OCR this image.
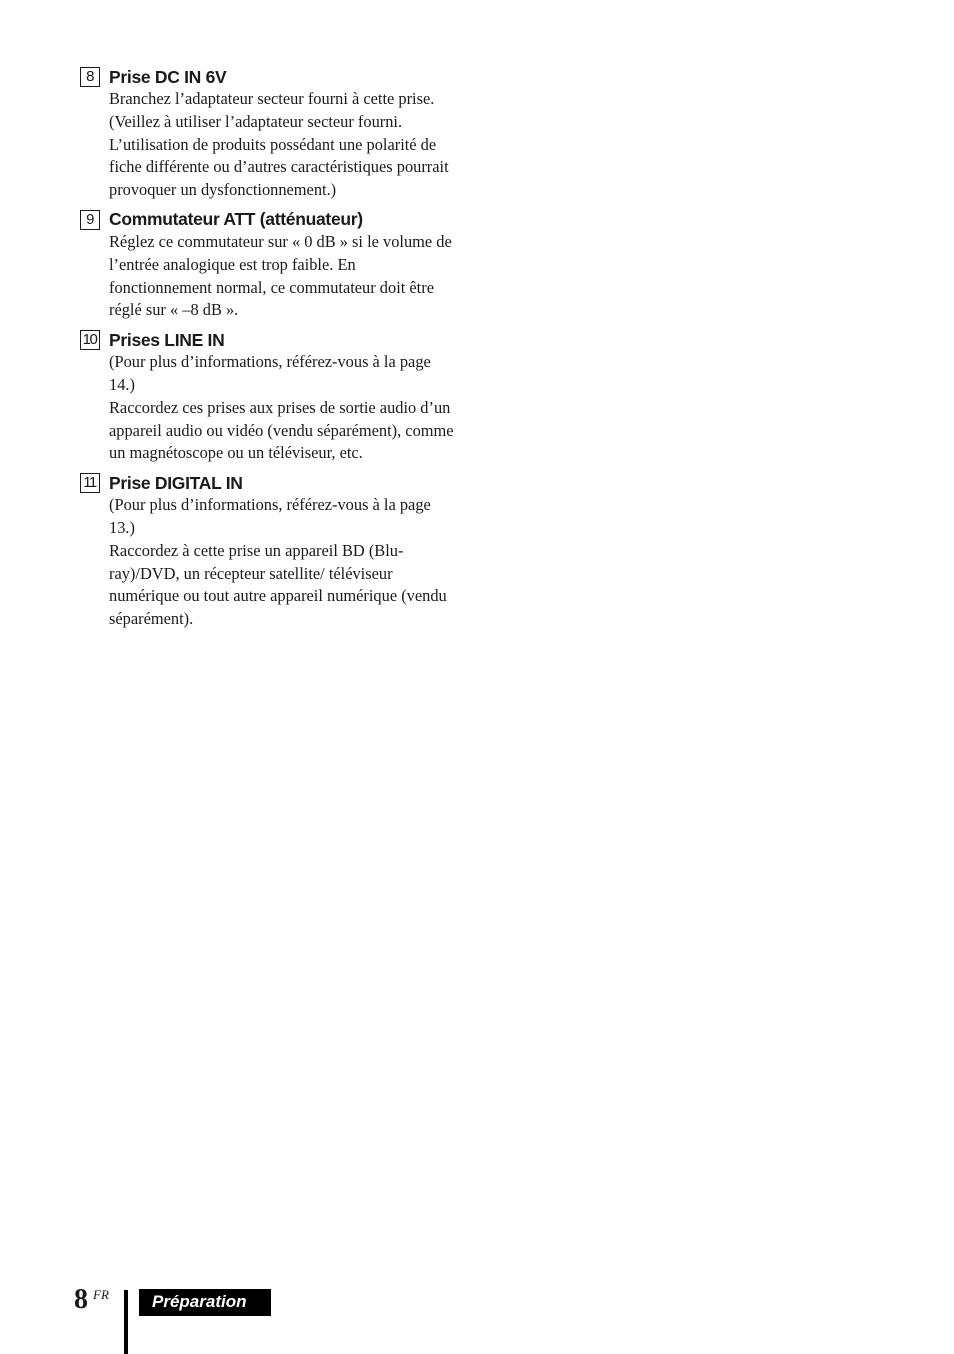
8 Prise DC IN 6V

Branchez l’adaptateur secteur fourni à cette prise. (Veillez à utiliser l’adaptateur secteur fourni. L’utilisation de produits possédant une polarité de fiche différente ou d’autres caractéristiques pourrait provoquer un dysfonctionnement.)

9 Commutateur ATT (atténuateur)

Réglez ce commutateur sur « 0 dB » si le volume de l’entrée analogique est trop faible. En fonctionnement normal, ce commutateur doit être réglé sur « –8 dB ».

10 Prises LINE IN

(Pour plus d’informations, référez-vous à la page 14.)

Raccordez ces prises aux prises de sortie audio d’un appareil audio ou vidéo (vendu séparément), comme un magnétoscope ou un téléviseur, etc.

11 Prise DIGITAL IN

(Pour plus d’informations, référez-vous à la page 13.)

Raccordez à cette prise un appareil BD (Blu-ray)/DVD, un récepteur satellite/ téléviseur numérique ou tout autre appareil numérique (vendu séparément).

8 FR	Préparation
